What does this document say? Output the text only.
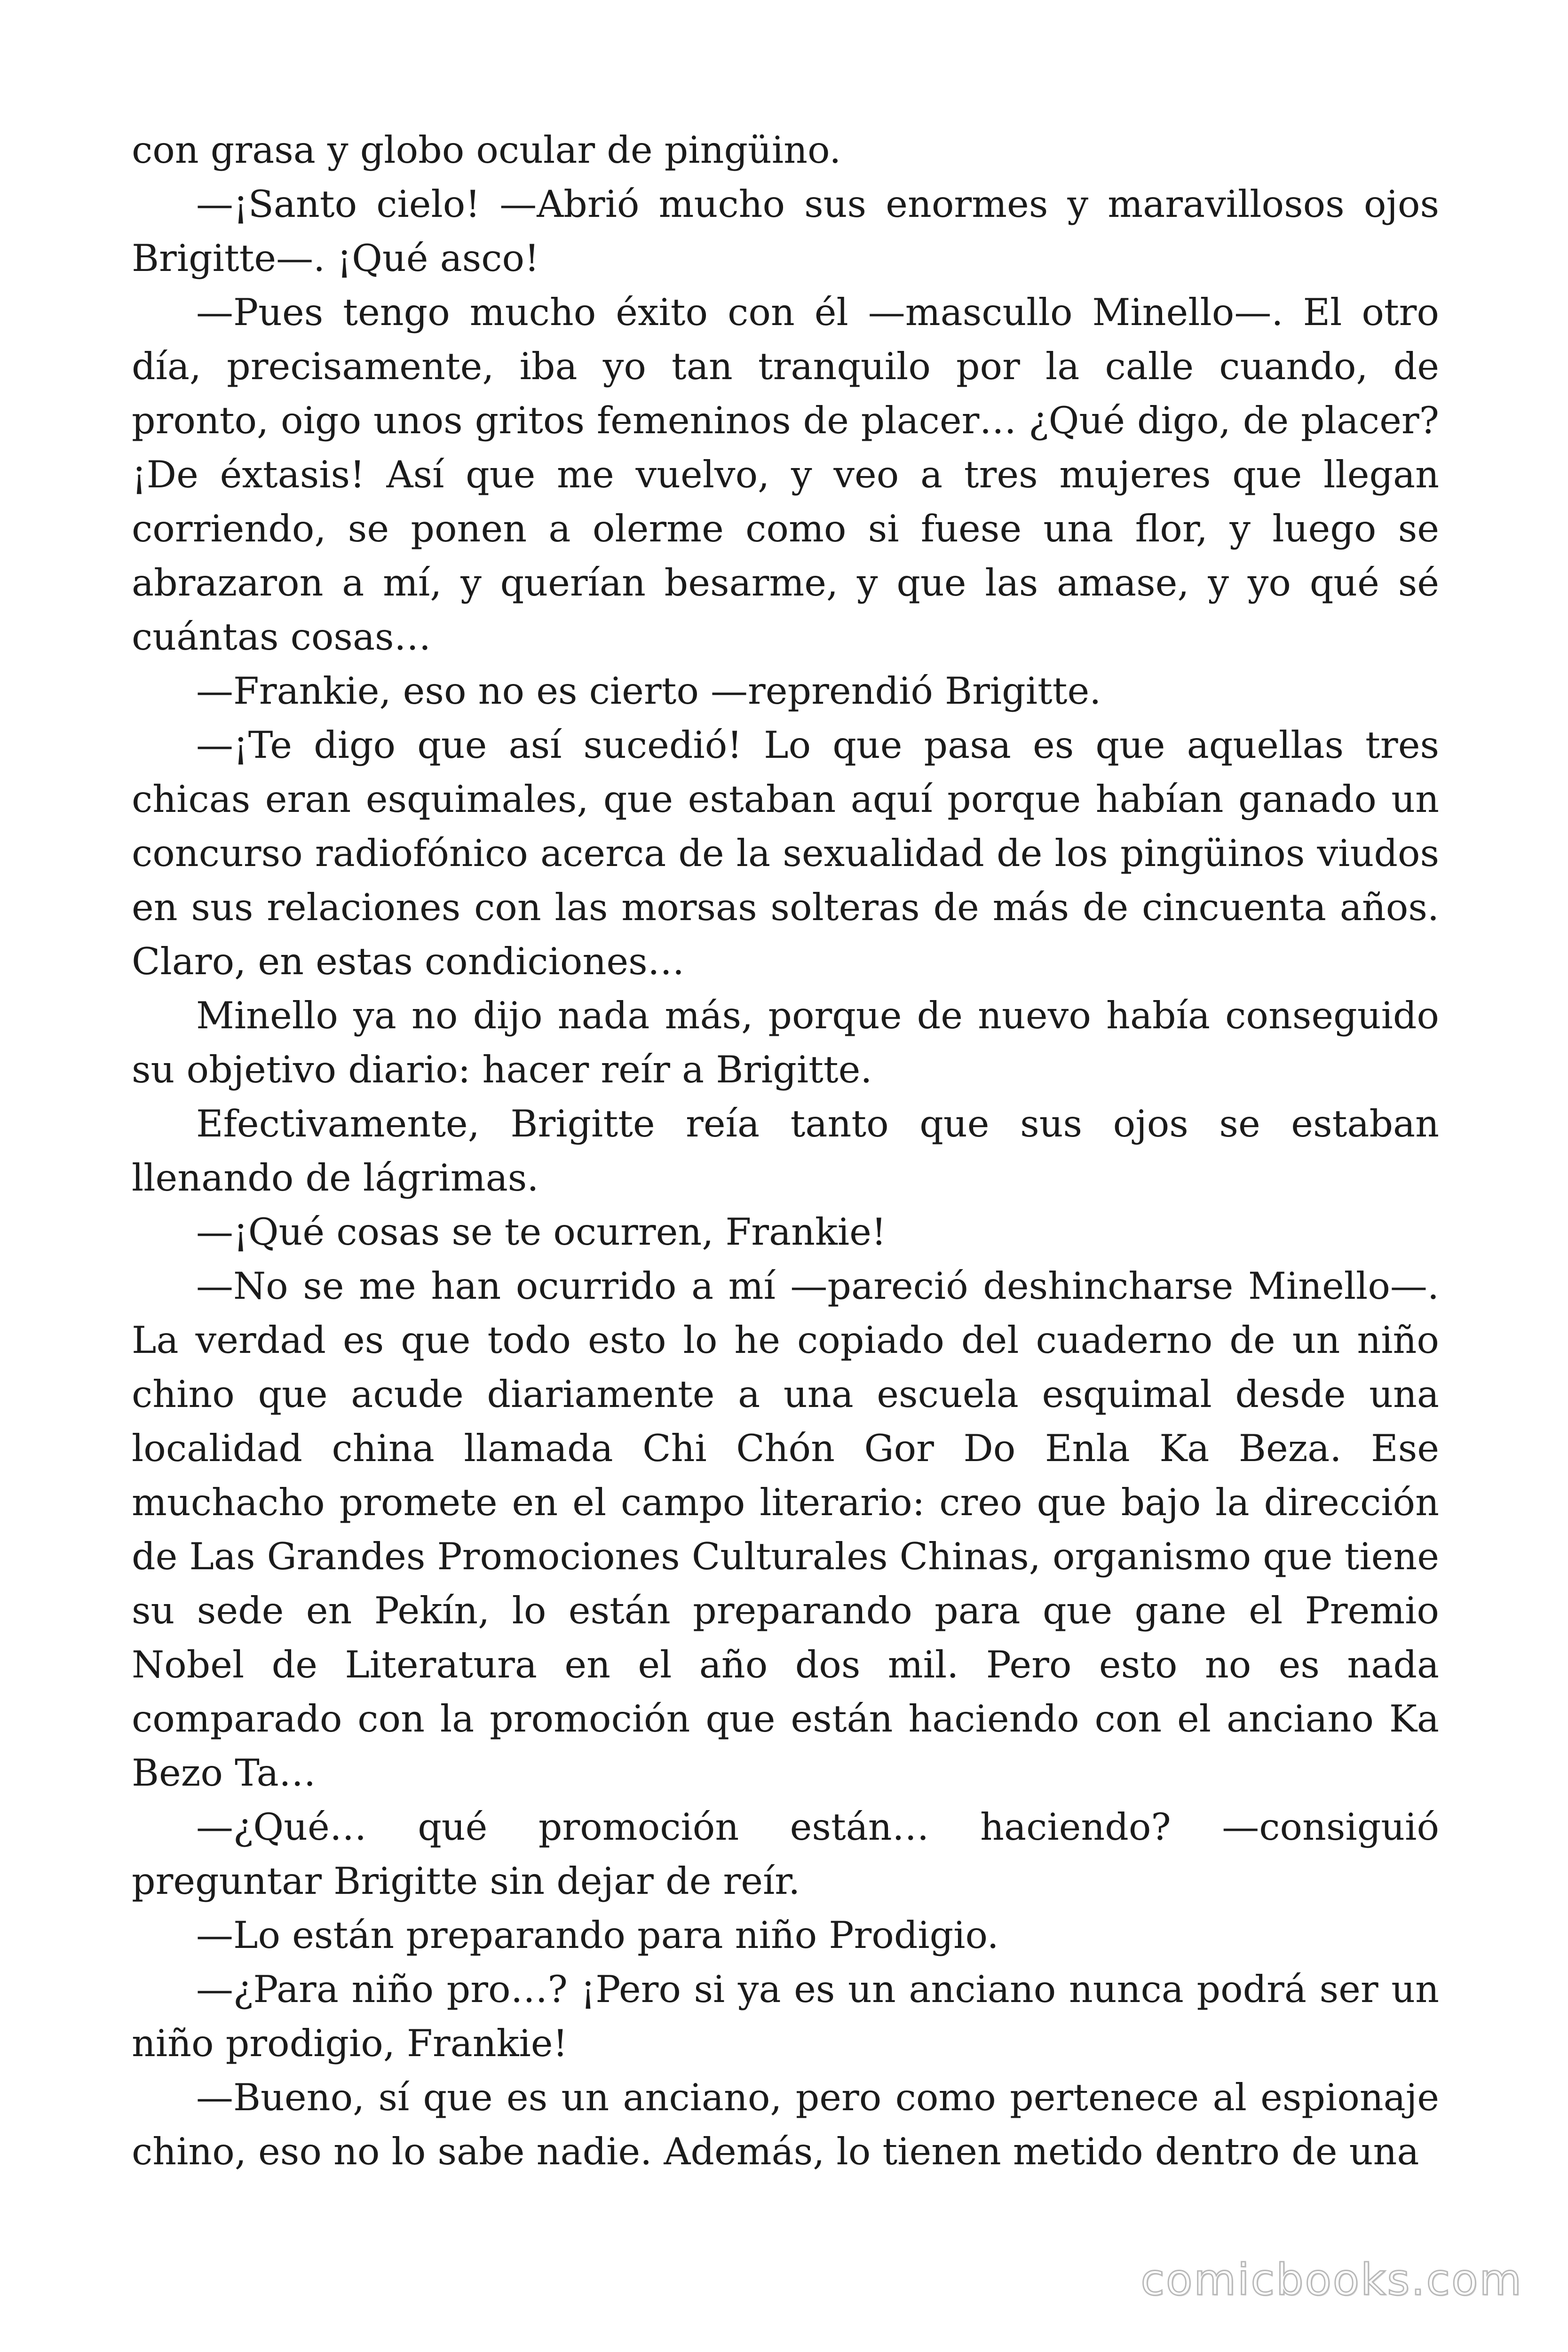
con grasa y globo ocular de pingüino.

—¡Santo cielo! —Abrió mucho sus enormes y maravillosos ojos Brigitte—. ¡Qué asco!

—Pues tengo mucho éxito con él —mascullo Minello—. El otro día, precisamente, iba yo tan tranquilo por la calle cuando, de pronto, oigo unos gritos femeninos de placer… ¿Qué digo, de placer? ¡De éxtasis! Así que me vuelvo, y veo a tres mujeres que llegan corriendo, se ponen a olerme como si fuese una flor, y luego se abrazaron a mí, y querían besarme, y que las amase, y yo qué sé cuántas cosas…

—Frankie, eso no es cierto —reprendió Brigitte.

—¡Te digo que así sucedió! Lo que pasa es que aquellas tres chicas eran esquimales, que estaban aquí porque habían ganado un concurso radiofónico acerca de la sexualidad de los pingüinos viudos en sus relaciones con las morsas solteras de más de cincuenta años. Claro, en estas condiciones…

Minello ya no dijo nada más, porque de nuevo había conseguido su objetivo diario: hacer reír a Brigitte.

Efectivamente, Brigitte reía tanto que sus ojos se estaban llenando de lágrimas.

—¡Qué cosas se te ocurren, Frankie!

—No se me han ocurrido a mí —pareció deshincharse Minello—. La verdad es que todo esto lo he copiado del cuaderno de un niño chino que acude diariamente a una escuela esquimal desde una localidad china llamada Chi Chón Gor Do Enla Ka Beza. Ese muchacho promete en el campo literario: creo que bajo la dirección de Las Grandes Promociones Culturales Chinas, organismo que tiene su sede en Pekín, lo están preparando para que gane el Premio Nobel de Literatura en el año dos mil. Pero esto no es nada comparado con la promoción que están haciendo con el anciano Ka Bezo Ta…

—¿Qué… qué promoción están… haciendo? —consiguió preguntar Brigitte sin dejar de reír.

—Lo están preparando para niño Prodigio.

—¿Para niño pro…? ¡Pero si ya es un anciano nunca podrá ser un niño prodigio, Frankie!

—Bueno, sí que es un anciano, pero como pertenece al espionaje chino, eso no lo sabe nadie. Además, lo tienen metido dentro de una

comicbooks.com
